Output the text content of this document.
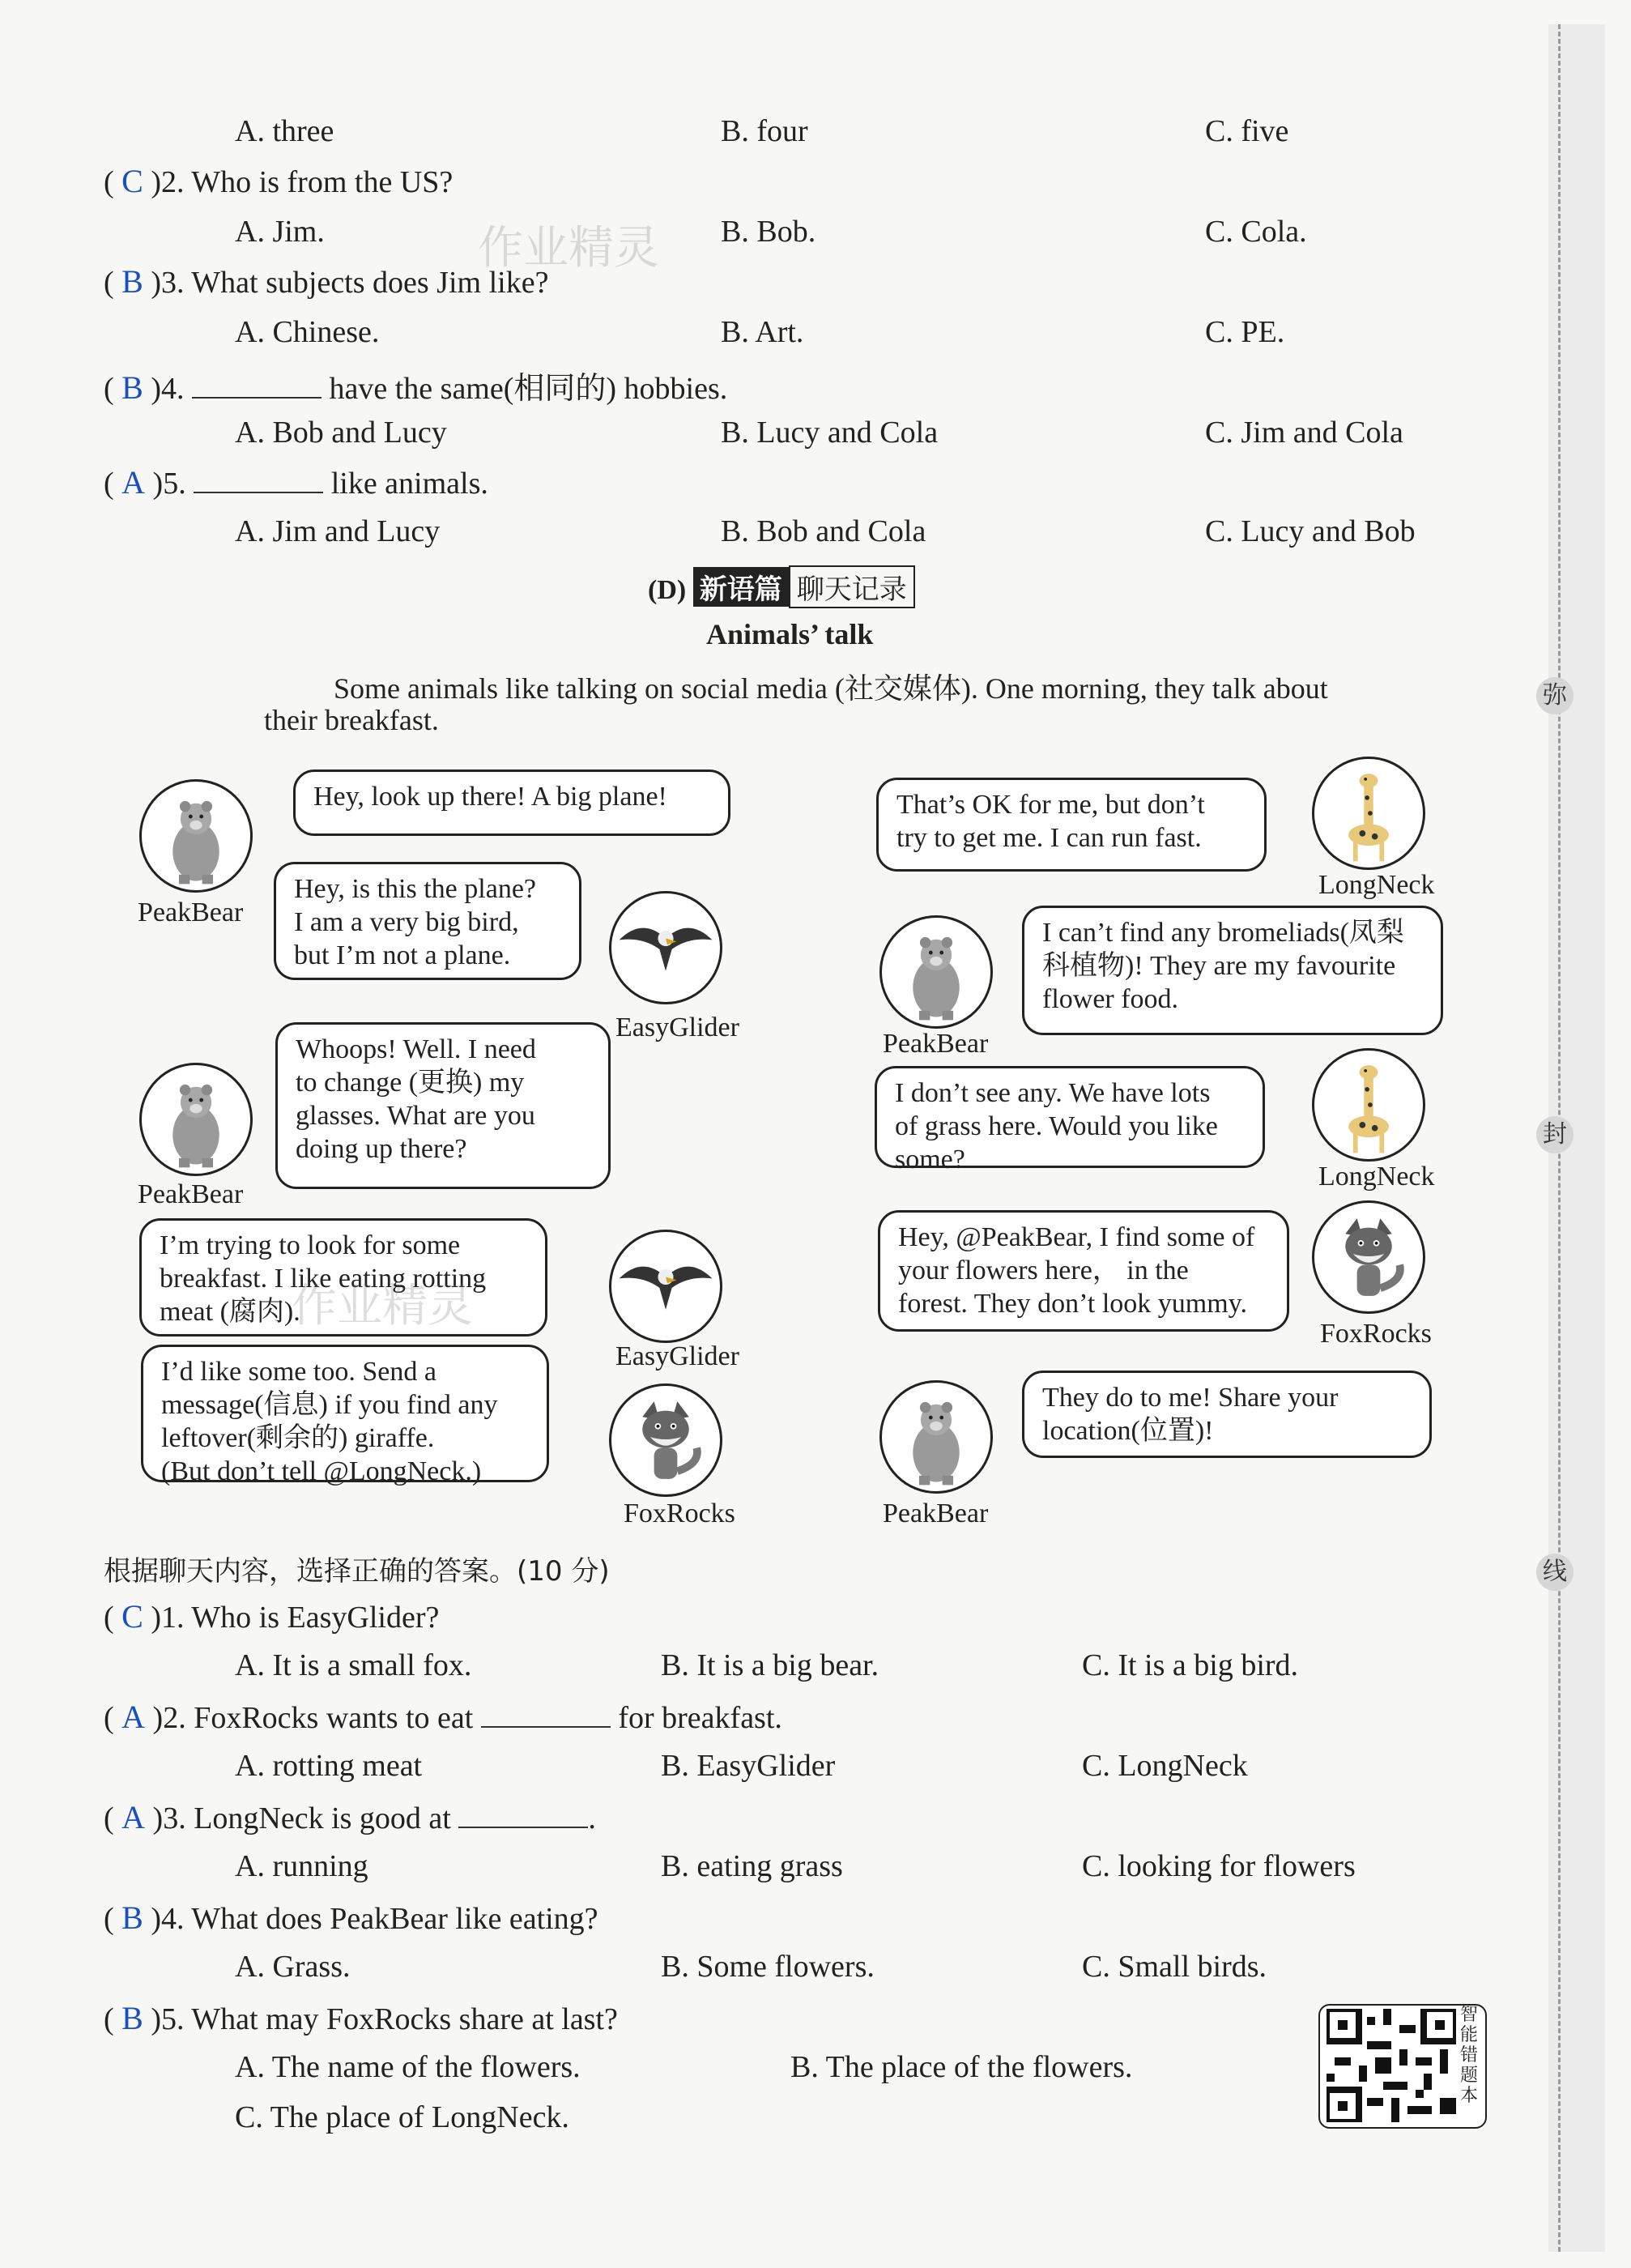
弥
封
线
A. three	B. four	C. five
( C )2. Who is from the US?
A. Jim.	B. Bob.	C. Cola.
( B )3. What subjects does Jim like?
A. Chinese.	B. Art.	C. PE.
( B )4.	have the same(相同的) hobbies.
A. Bob and Lucy	B. Lucy and Cola	C. Jim and Cola
( A )5.	like animals.
A. Jim and Lucy	B. Bob and Cola	C. Lucy and Bob
(D) 新语篇 聊天记录
Animals’ talk
Some animals like talking on social media (社交媒体). One morning, they talk about
their breakfast.
PeakBear
Hey, look up there! A big plane!
EasyGlider
Hey, is this the plane?
I am a very big bird,
but I’m not a plane.
PeakBear
Whoops! Well. I need
to change (更换) my
glasses. What are you
doing up there?
EasyGlider
I’m trying to look for some
breakfast. I like eating rotting
meat (腐肉).
FoxRocks
I’d like some too. Send a
message(信息) if you find any
leftover(剩余的) giraffe.
(But don’t tell @LongNeck.)
LongNeck
That’s OK for me, but don’t
try to get me. I can run fast.
PeakBear
I can’t find any bromeliads(凤梨
科植物)! They are my favourite
flower food.
LongNeck
I don’t see any. We have lots
of grass here. Would you like
some?
FoxRocks
Hey, @PeakBear, I find some of
your flowers here， in the
forest. They don’t look yummy.
PeakBear
They do to me! Share your
location(位置)!
作业精灵
作业精灵
根据聊天内容，选择正确的答案。(10 分)
( C )1. Who is EasyGlider?
A. It is a small fox.	B. It is a big bear.	C. It is a big bird.
( A )2. FoxRocks wants to eat	for breakfast.
A. rotting meat	B. EasyGlider	C. LongNeck
( A )3. LongNeck is good at	.
A. running	B. eating grass	C. looking for flowers
( B )4. What does PeakBear like eating?
A. Grass.	B. Some flowers.	C. Small birds.
( B )5. What may FoxRocks share at last?
A. The name of the flowers.	B. The place of the flowers.
C. The place of LongNeck.
智能错题本
